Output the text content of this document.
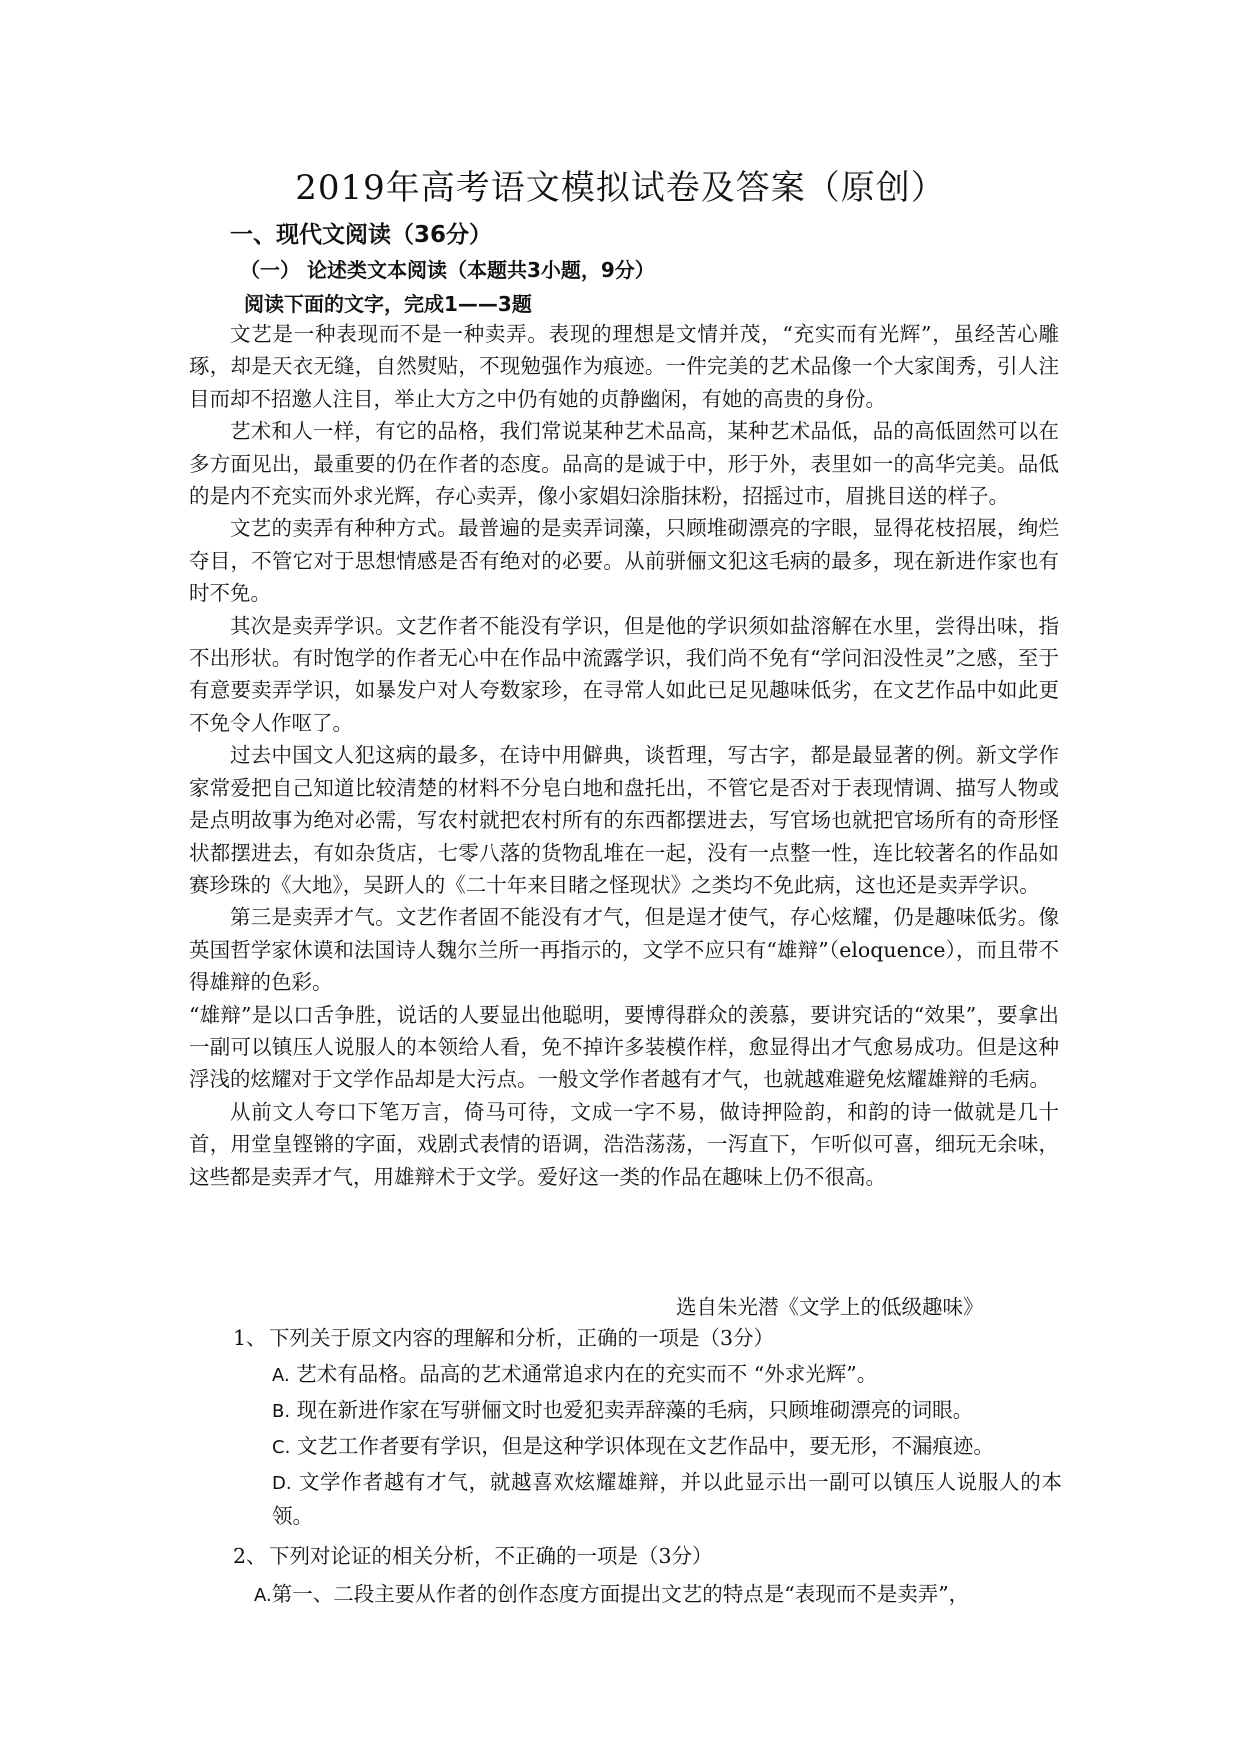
2019年高考语文模拟试卷及答案（原创）
一、现代文阅读（36分）
（一） 论述类文本阅读（本题共3小题，9分）
阅读下面的文字，完成1——3题

文艺是一种表现而不是一种卖弄。表现的理想是文情并茂，“充实而有光辉”，虽经苦心雕琢，却是天衣无缝，自然熨贴，不现勉强作为痕迹。一件完美的艺术品像一个大家闺秀，引人注目而却不招邀人注目，举止大方之中仍有她的贞静幽闲，有她的高贵的身份。

艺术和人一样，有它的品格，我们常说某种艺术品高，某种艺术品低，品的高低固然可以在多方面见出，最重要的仍在作者的态度。品高的是诚于中，形于外，表里如一的高华完美。品低的是内不充实而外求光辉，存心卖弄，像小家娼妇涂脂抹粉，招摇过市，眉挑目送的样子。

文艺的卖弄有种种方式。最普遍的是卖弄词藻，只顾堆砌漂亮的字眼，显得花枝招展，绚烂夺目，不管它对于思想情感是否有绝对的必要。从前骈俪文犯这毛病的最多，现在新进作家也有时不免。

其次是卖弄学识。文艺作者不能没有学识，但是他的学识须如盐溶解在水里，尝得出味，指不出形状。有时饱学的作者无心中在作品中流露学识，我们尚不免有“学问汩没性灵”之感，至于有意要卖弄学识，如暴发户对人夸数家珍，在寻常人如此已足见趣味低劣，在文艺作品中如此更不免令人作呕了。

过去中国文人犯这病的最多，在诗中用僻典，谈哲理，写古字，都是最显著的例。新文学作家常爱把自己知道比较清楚的材料不分皂白地和盘托出，不管它是否对于表现情调、描写人物或是点明故事为绝对必需，写农村就把农村所有的东西都摆进去，写官场也就把官场所有的奇形怪状都摆进去，有如杂货店，七零八落的货物乱堆在一起，没有一点整一性，连比较著名的作品如赛珍珠的《大地》，吴趼人的《二十年来目睹之怪现状》之类均不免此病，这也还是卖弄学识。

第三是卖弄才气。文艺作者固不能没有才气，但是逞才使气，存心炫耀，仍是趣味低劣。像英国哲学家休谟和法国诗人魏尔兰所一再指示的，文学不应只有“雄辩”（eloquence），而且带不得雄辩的色彩。

“雄辩”是以口舌争胜，说话的人要显出他聪明，要博得群众的羡慕，要讲究话的“效果”，要拿出一副可以镇压人说服人的本领给人看，免不掉许多装模作样，愈显得出才气愈易成功。但是这种浮浅的炫耀对于文学作品却是大污点。一般文学作者越有才气，也就越难避免炫耀雄辩的毛病。

从前文人夸口下笔万言，倚马可待，文成一字不易，做诗押险韵，和韵的诗一做就是几十首，用堂皇铿锵的字面，戏剧式表情的语调，浩浩荡荡，一泻直下，乍听似可喜，细玩无余味，这些都是卖弄才气，用雄辩术于文学。爱好这一类的作品在趣味上仍不很高。

选自朱光潜《文学上的低级趣味》
1、 下列关于原文内容的理解和分析，正确的一项是（3分）
A. 艺术有品格。品高的艺术通常追求内在的充实而不 “外求光辉”。
B. 现在新进作家在写骈俪文时也爱犯卖弄辞藻的毛病，只顾堆砌漂亮的词眼。
C. 文艺工作者要有学识，但是这种学识体现在文艺作品中，要无形，不漏痕迹。
D. 文学作者越有才气，就越喜欢炫耀雄辩，并以此显示出一副可以镇压人说服人的本领。
2、 下列对论证的相关分析，不正确的一项是（3分）
A.第一、二段主要从作者的创作态度方面提出文艺的特点是“表现而不是卖弄”，
